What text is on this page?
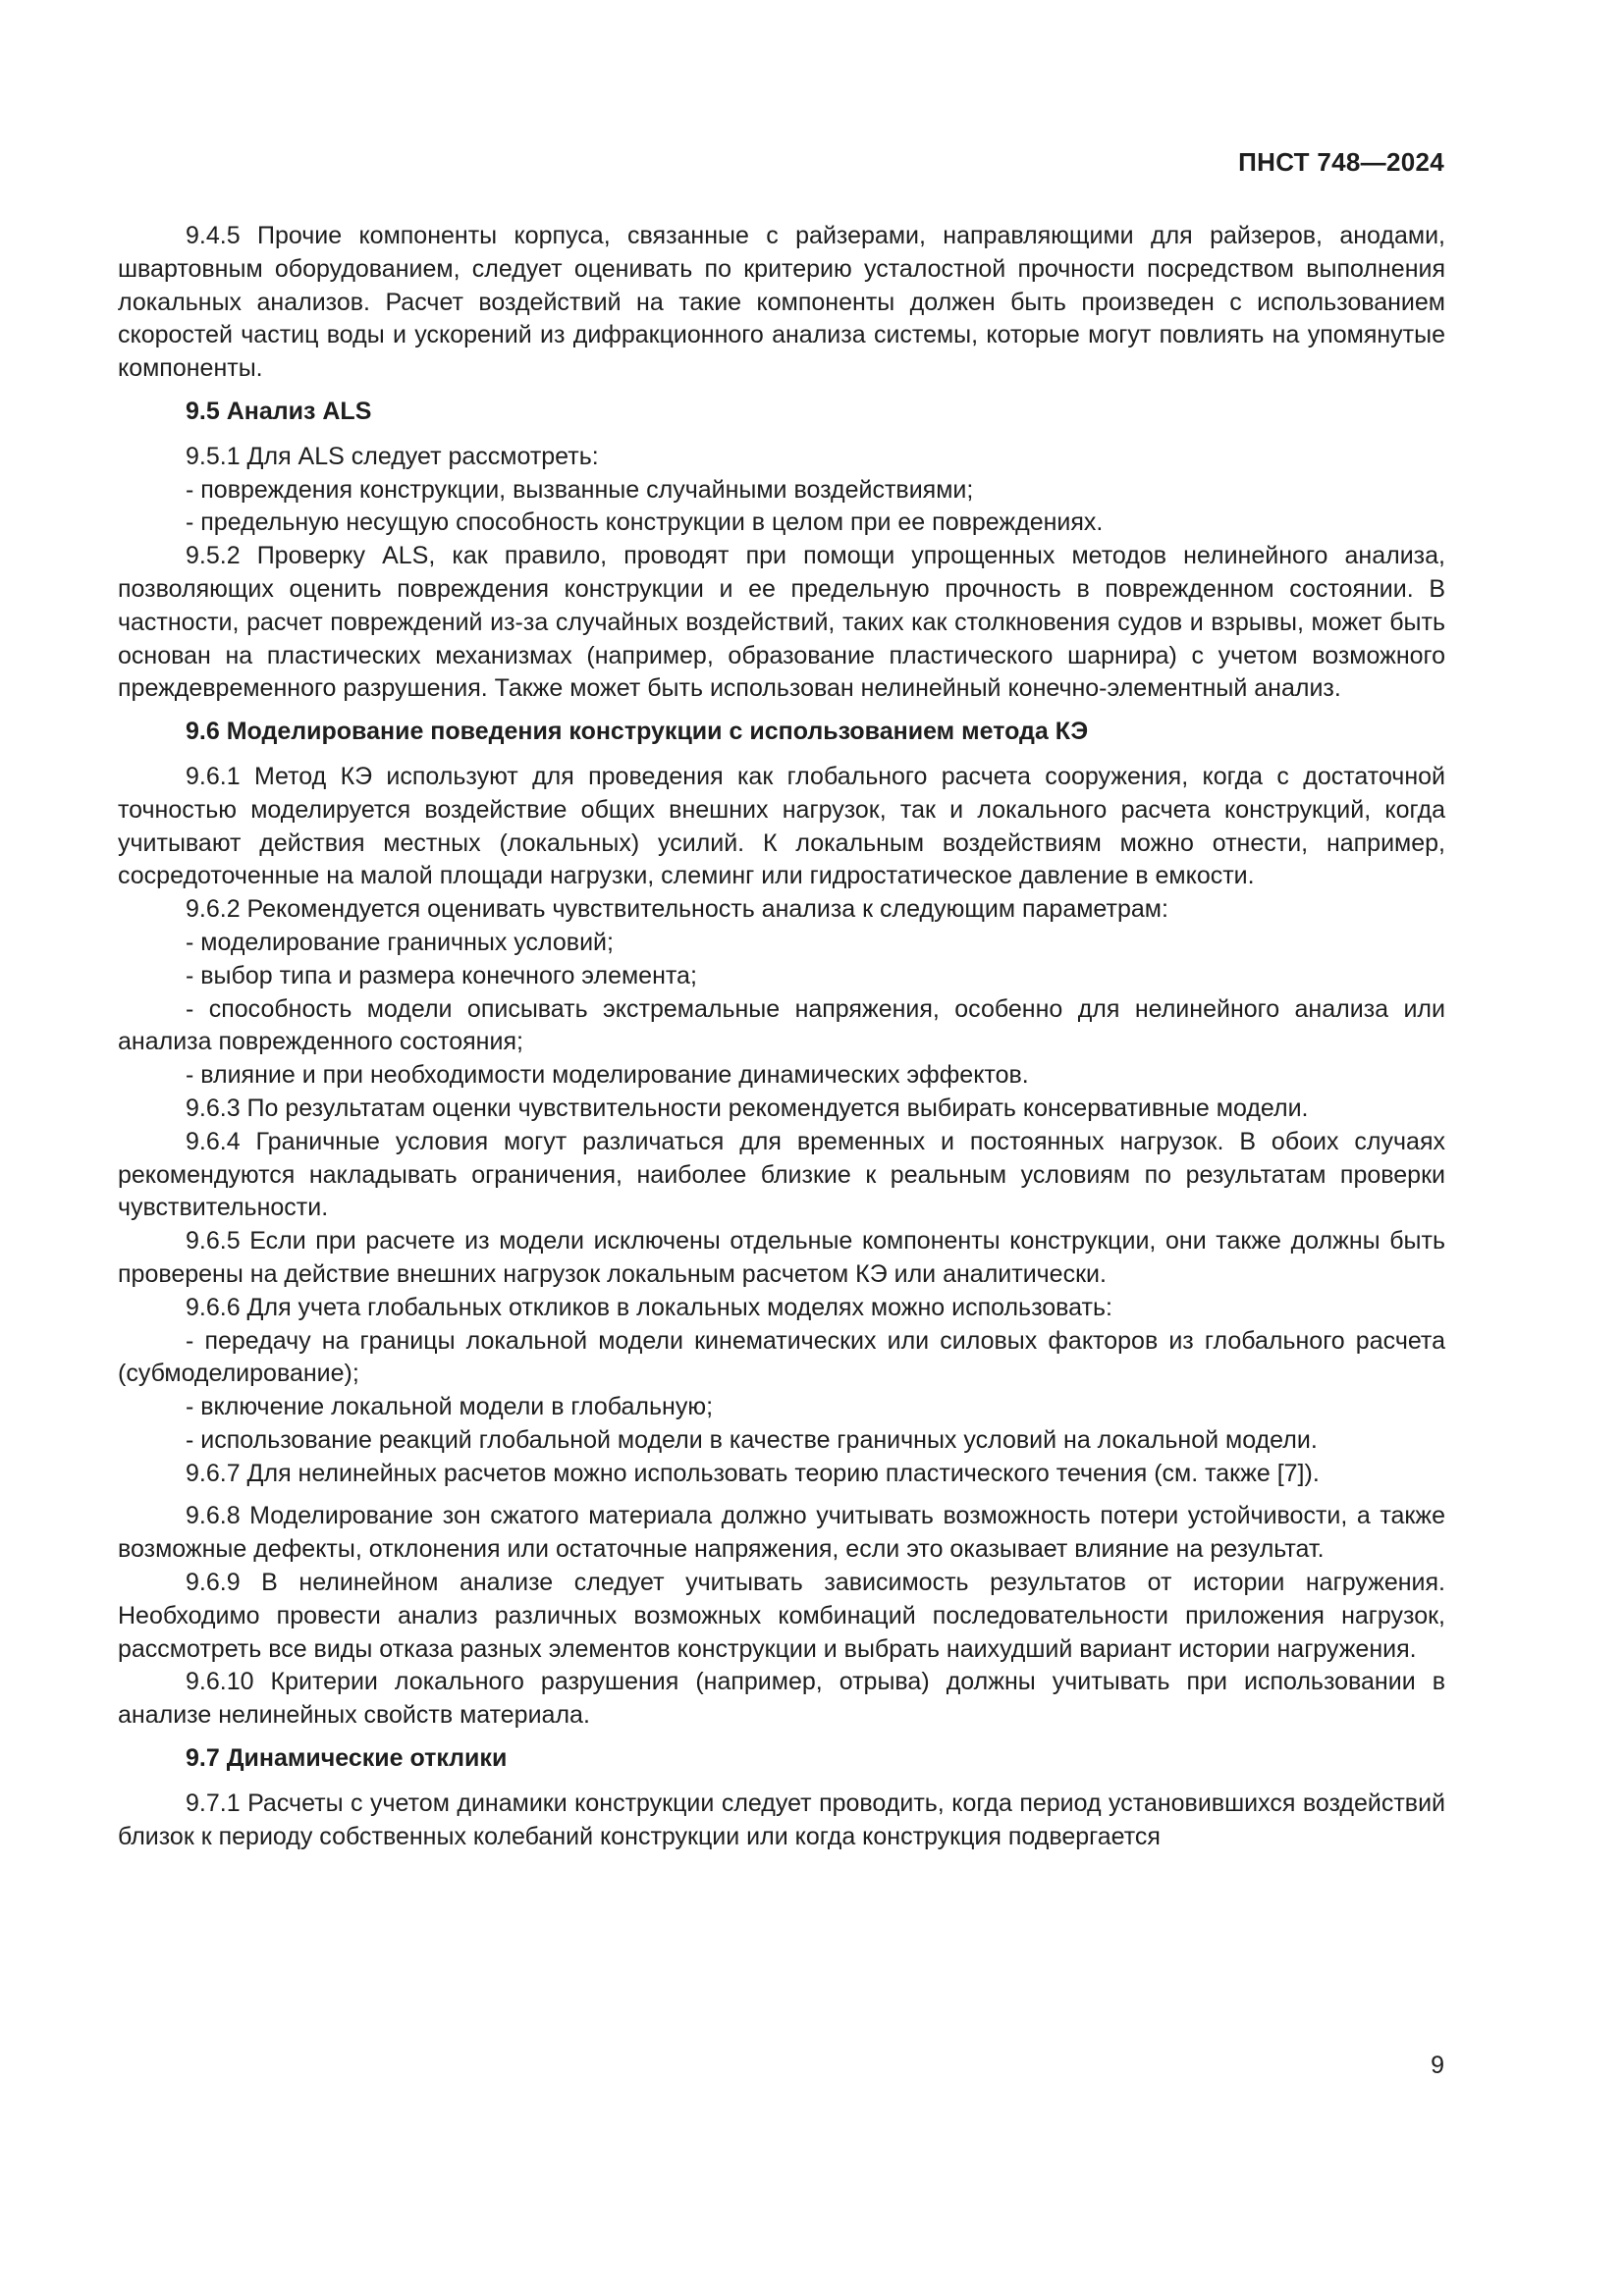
ПНСТ 748—2024

9.4.5 Прочие компоненты корпуса, связанные с райзерами, направляющими для райзеров, анодами, швартовным оборудованием, следует оценивать по критерию усталостной прочности посредством выполнения локальных анализов. Расчет воздействий на такие компоненты должен быть произведен с использованием скоростей частиц воды и ускорений из дифракционного анализа системы, которые могут повлиять на упомянутые компоненты.

9.5 Анализ ALS

9.5.1 Для ALS следует рассмотреть:

- повреждения конструкции, вызванные случайными воздействиями;

- предельную несущую способность конструкции в целом при ее повреждениях.

9.5.2 Проверку ALS, как правило, проводят при помощи упрощенных методов нелинейного анализа, позволяющих оценить повреждения конструкции и ее предельную прочность в поврежденном состоянии. В частности, расчет повреждений из-за случайных воздействий, таких как столкновения судов и взрывы, может быть основан на пластических механизмах (например, образование пластического шарнира) с учетом возможного преждевременного разрушения. Также может быть использован нелинейный конечно-элементный анализ.

9.6 Моделирование поведения конструкции с использованием метода КЭ

9.6.1 Метод КЭ используют для проведения как глобального расчета сооружения, когда с достаточной точностью моделируется воздействие общих внешних нагрузок, так и локального расчета конструкций, когда учитывают действия местных (локальных) усилий. К локальным воздействиям можно отнести, например, сосредоточенные на малой площади нагрузки, слеминг или гидростатическое давление в емкости.

9.6.2 Рекомендуется оценивать чувствительность анализа к следующим параметрам:

- моделирование граничных условий;

- выбор типа и размера конечного элемента;

- способность модели описывать экстремальные напряжения, особенно для нелинейного анализа или анализа поврежденного состояния;

- влияние и при необходимости моделирование динамических эффектов.

9.6.3 По результатам оценки чувствительности рекомендуется выбирать консервативные модели.

9.6.4 Граничные условия могут различаться для временных и постоянных нагрузок. В обоих случаях рекомендуются накладывать ограничения, наиболее близкие к реальным условиям по результатам проверки чувствительности.

9.6.5 Если при расчете из модели исключены отдельные компоненты конструкции, они также должны быть проверены на действие внешних нагрузок локальным расчетом КЭ или аналитически.

9.6.6 Для учета глобальных откликов в локальных моделях можно использовать:

- передачу на границы локальной модели кинематических или силовых факторов из глобального расчета (субмоделирование);

- включение локальной модели в глобальную;

- использование реакций глобальной модели в качестве граничных условий на локальной модели.

9.6.7 Для нелинейных расчетов можно использовать теорию пластического течения (см. также [7]).

9.6.8 Моделирование зон сжатого материала должно учитывать возможность потери устойчивости, а также возможные дефекты, отклонения или остаточные напряжения, если это оказывает влияние на результат.

9.6.9 В нелинейном анализе следует учитывать зависимость результатов от истории нагружения. Необходимо провести анализ различных возможных комбинаций последовательности приложения нагрузок, рассмотреть все виды отказа разных элементов конструкции и выбрать наихудший вариант истории нагружения.

9.6.10 Критерии локального разрушения (например, отрыва) должны учитывать при использовании в анализе нелинейных свойств материала.

9.7 Динамические отклики

9.7.1 Расчеты с учетом динамики конструкции следует проводить, когда период установившихся воздействий близок к периоду собственных колебаний конструкции или когда конструкция подвергается

9
